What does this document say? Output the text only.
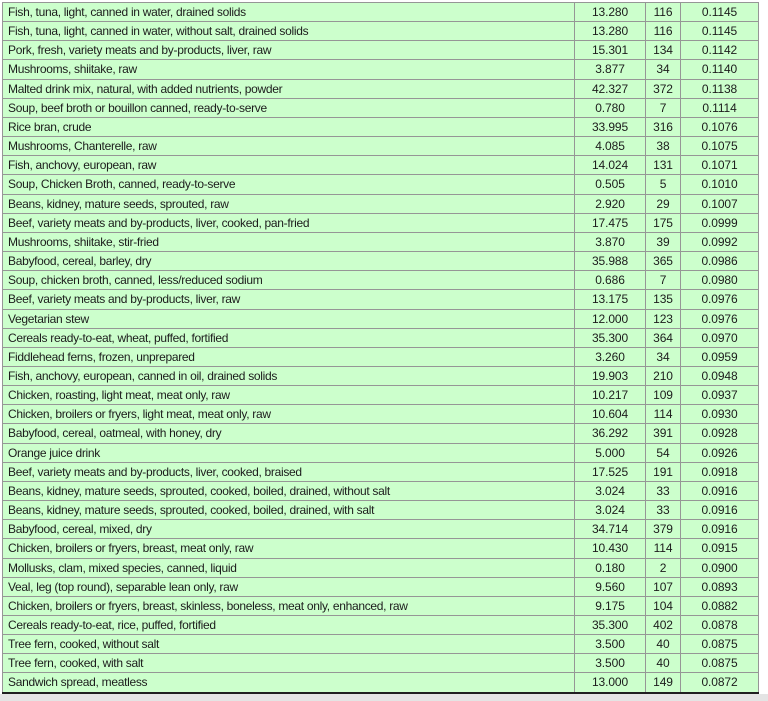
Fish, tuna, light, canned in water, drained solids	13.280	116	0.1145
Fish, tuna, light, canned in water, without salt, drained solids	13.280	116	0.1145
Pork, fresh, variety meats and by-products, liver, raw	15.301	134	0.1142
Mushrooms, shiitake, raw	3.877	34	0.1140
Malted drink mix, natural, with added nutrients, powder	42.327	372	0.1138
Soup, beef broth or bouillon canned, ready-to-serve	0.780	7	0.1114
Rice bran, crude	33.995	316	0.1076
Mushrooms, Chanterelle, raw	4.085	38	0.1075
Fish, anchovy, european, raw	14.024	131	0.1071
Soup, Chicken Broth, canned, ready-to-serve	0.505	5	0.1010
Beans, kidney, mature seeds, sprouted, raw	2.920	29	0.1007
Beef, variety meats and by-products, liver, cooked, pan-fried	17.475	175	0.0999
Mushrooms, shiitake, stir-fried	3.870	39	0.0992
Babyfood, cereal, barley, dry	35.988	365	0.0986
Soup, chicken broth, canned, less/reduced sodium	0.686	7	0.0980
Beef, variety meats and by-products, liver, raw	13.175	135	0.0976
Vegetarian stew	12.000	123	0.0976
Cereals ready-to-eat, wheat, puffed, fortified	35.300	364	0.0970
Fiddlehead ferns, frozen, unprepared	3.260	34	0.0959
Fish, anchovy, european, canned in oil, drained solids	19.903	210	0.0948
Chicken, roasting, light meat, meat only, raw	10.217	109	0.0937
Chicken, broilers or fryers, light meat, meat only, raw	10.604	114	0.0930
Babyfood, cereal, oatmeal, with honey, dry	36.292	391	0.0928
Orange juice drink	5.000	54	0.0926
Beef, variety meats and by-products, liver, cooked, braised	17.525	191	0.0918
Beans, kidney, mature seeds, sprouted, cooked, boiled, drained, without salt	3.024	33	0.0916
Beans, kidney, mature seeds, sprouted, cooked, boiled, drained, with salt	3.024	33	0.0916
Babyfood, cereal, mixed, dry	34.714	379	0.0916
Chicken, broilers or fryers, breast, meat only, raw	10.430	114	0.0915
Mollusks, clam, mixed species, canned, liquid	0.180	2	0.0900
Veal, leg (top round), separable lean only, raw	9.560	107	0.0893
Chicken, broilers or fryers, breast, skinless, boneless, meat only, enhanced, raw	9.175	104	0.0882
Cereals ready-to-eat, rice, puffed, fortified	35.300	402	0.0878
Tree fern, cooked, without salt	3.500	40	0.0875
Tree fern, cooked, with salt	3.500	40	0.0875
Sandwich spread, meatless	13.000	149	0.0872
